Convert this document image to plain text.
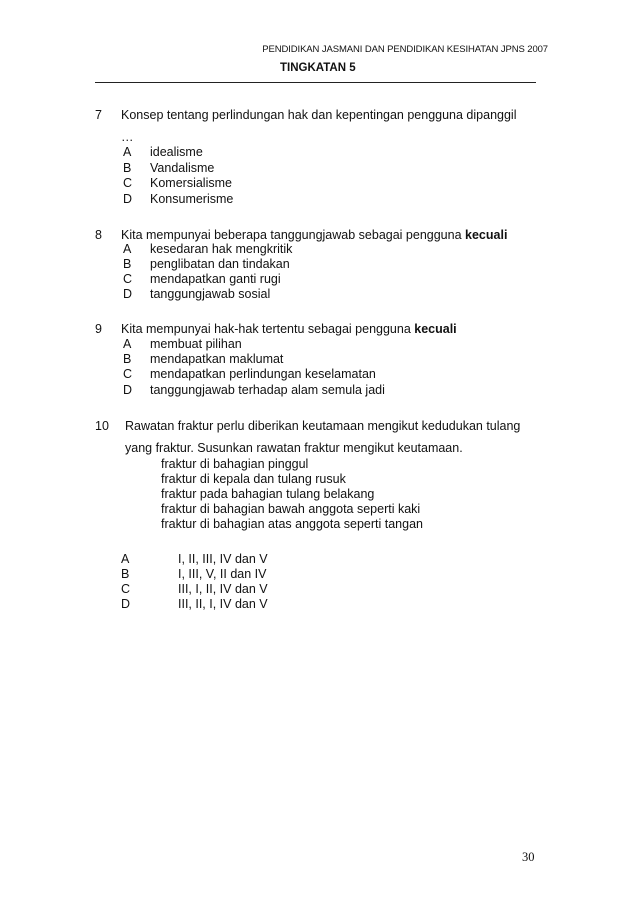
PENDIDIKAN JASMANI DAN PENDIDIKAN KESIHATAN JPNS 2007
TINGKATAN 5
7 Konsep tentang perlindungan hak dan kepentingan pengguna dipanggil
…
A idealisme
B Vandalisme
C Komersialisme
D Konsumerisme
8 Kita mempunyai beberapa tanggungjawab sebagai pengguna kecuali
A kesedaran hak mengkritik
B penglibatan dan tindakan
C mendapatkan ganti rugi
D tanggungjawab sosial
9 Kita mempunyai hak-hak tertentu sebagai pengguna kecuali
A membuat pilihan
B mendapatkan maklumat
C mendapatkan perlindungan keselamatan
D tanggungjawab terhadap alam semula jadi
10 Rawatan fraktur perlu diberikan keutamaan mengikut kedudukan tulang
yang fraktur. Susunkan rawatan fraktur mengikut keutamaan.
fraktur di bahagian pinggul
fraktur di kepala dan tulang rusuk
fraktur pada bahagian tulang belakang
fraktur di bahagian bawah anggota seperti kaki
fraktur di bahagian atas anggota seperti tangan
A	I, II, III, IV dan V
B	I, III, V, II dan IV
C	III, I, II, IV dan V
D	III, II, I, IV dan V
30
